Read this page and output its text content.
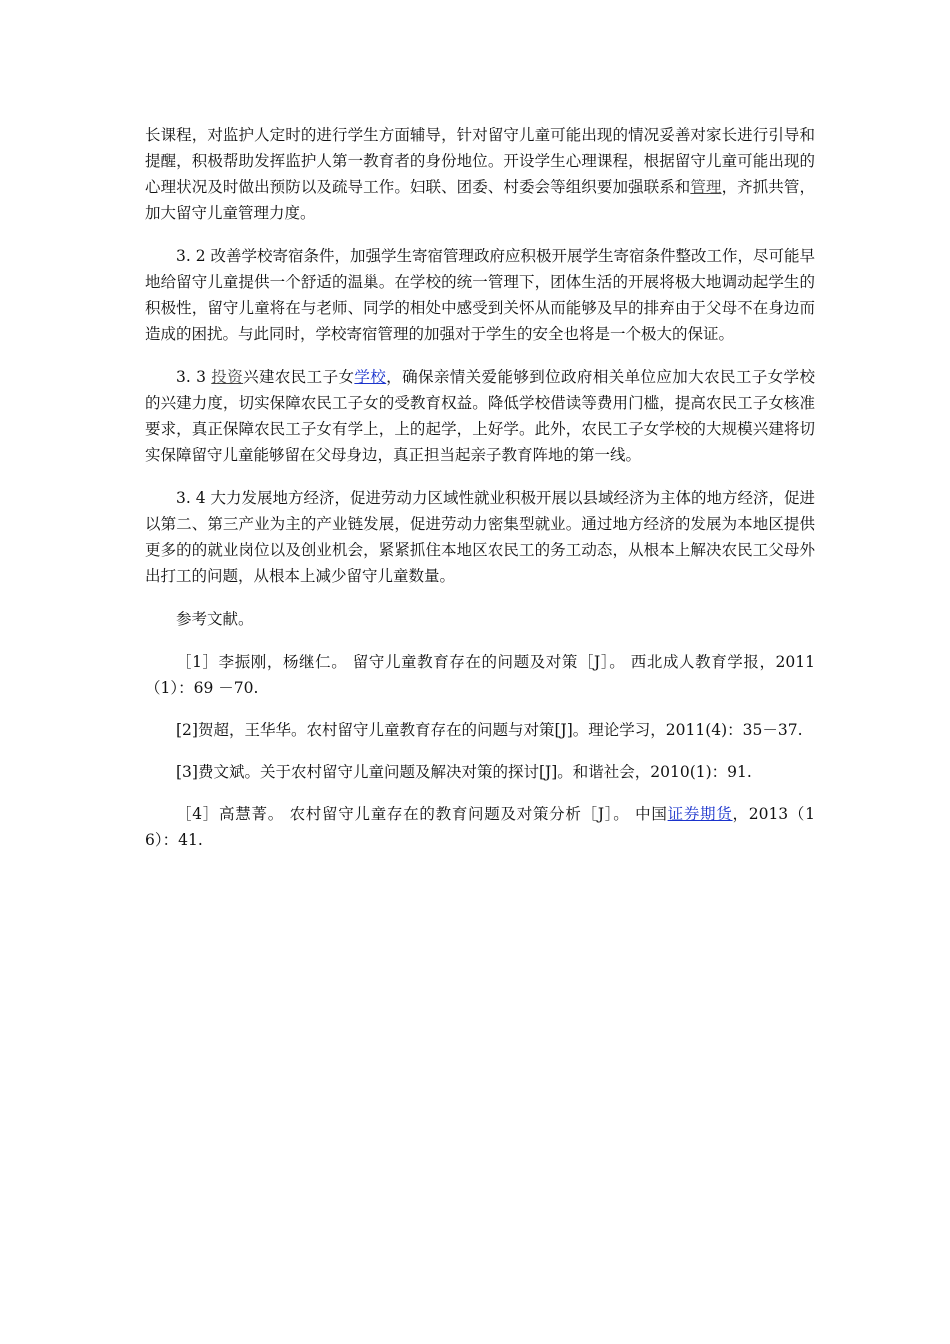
长课程，对监护人定时的进行学生方面辅导，针对留守儿童可能出现的情况妥善对家长进行引导和提醒，积极帮助发挥监护人第一教育者的身份地位。开设学生心理课程，根据留守儿童可能出现的心理状况及时做出预防以及疏导工作。妇联、团委、村委会等组织要加强联系和管理，齐抓共管，加大留守儿童管理力度。

3. 2 改善学校寄宿条件，加强学生寄宿管理政府应积极开展学生寄宿条件整改工作，尽可能早地给留守儿童提供一个舒适的温巢。在学校的统一管理下，团体生活的开展将极大地调动起学生的积极性，留守儿童将在与老师、同学的相处中感受到关怀从而能够及早的排弃由于父母不在身边而造成的困扰。与此同时，学校寄宿管理的加强对于学生的安全也将是一个极大的保证。

3. 3 投资兴建农民工子女学校，确保亲情关爱能够到位政府相关单位应加大农民工子女学校的兴建力度，切实保障农民工子女的受教育权益。降低学校借读等费用门槛，提高农民工子女核准要求，真正保障农民工子女有学上，上的起学，上好学。此外，农民工子女学校的大规模兴建将切实保障留守儿童能够留在父母身边，真正担当起亲子教育阵地的第一线。

3. 4 大力发展地方经济，促进劳动力区域性就业积极开展以县域经济为主体的地方经济，促进以第二、第三产业为主的产业链发展，促进劳动力密集型就业。通过地方经济的发展为本地区提供更多的的就业岗位以及创业机会，紧紧抓住本地区农民工的务工动态，从根本上解决农民工父母外出打工的问题，从根本上减少留守儿童数量。

参考文献。

［1］李振刚，杨继仁。 留守儿童教育存在的问题及对策［J］。 西北成人教育学报，2011（1）：69 －70.

[2]贺超，王华华。农村留守儿童教育存在的问题与对策[J]。理论学习，2011(4)：35－37.

[3]费文斌。关于农村留守儿童问题及解决对策的探讨[J]。和谐社会，2010(1)：91.

［4］高慧菁。 农村留守儿童存在的教育问题及对策分析［J］。 中国证券期货，2013（16）：41.
